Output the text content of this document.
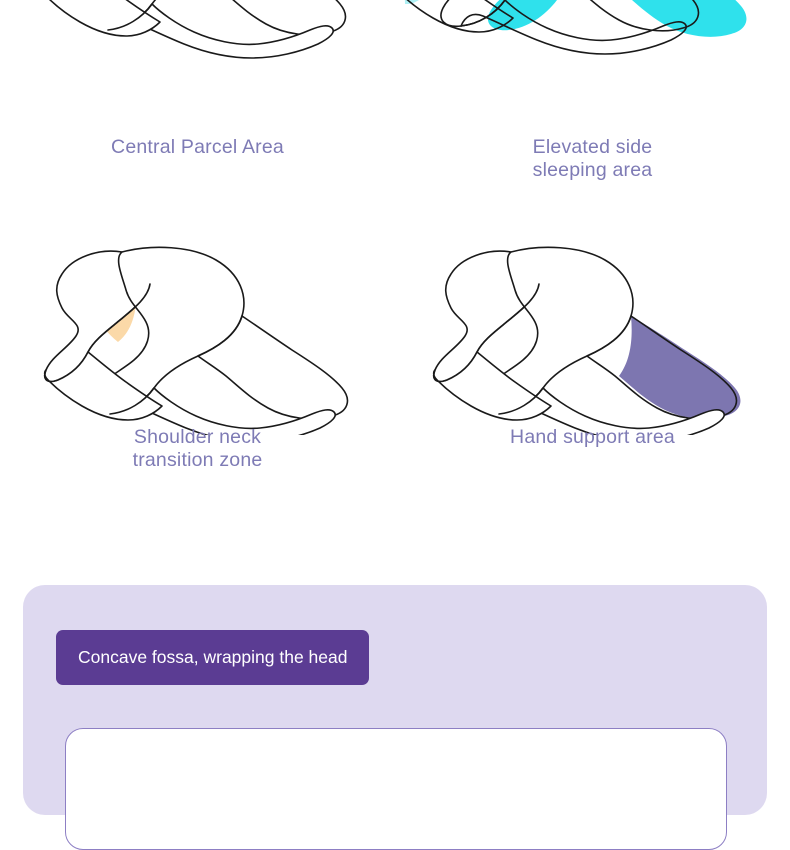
Central Parcel Area	Elevated side
sleeping area
Shoulder neck
transition zone
Hand support area
Concave fossa, wrapping the head
